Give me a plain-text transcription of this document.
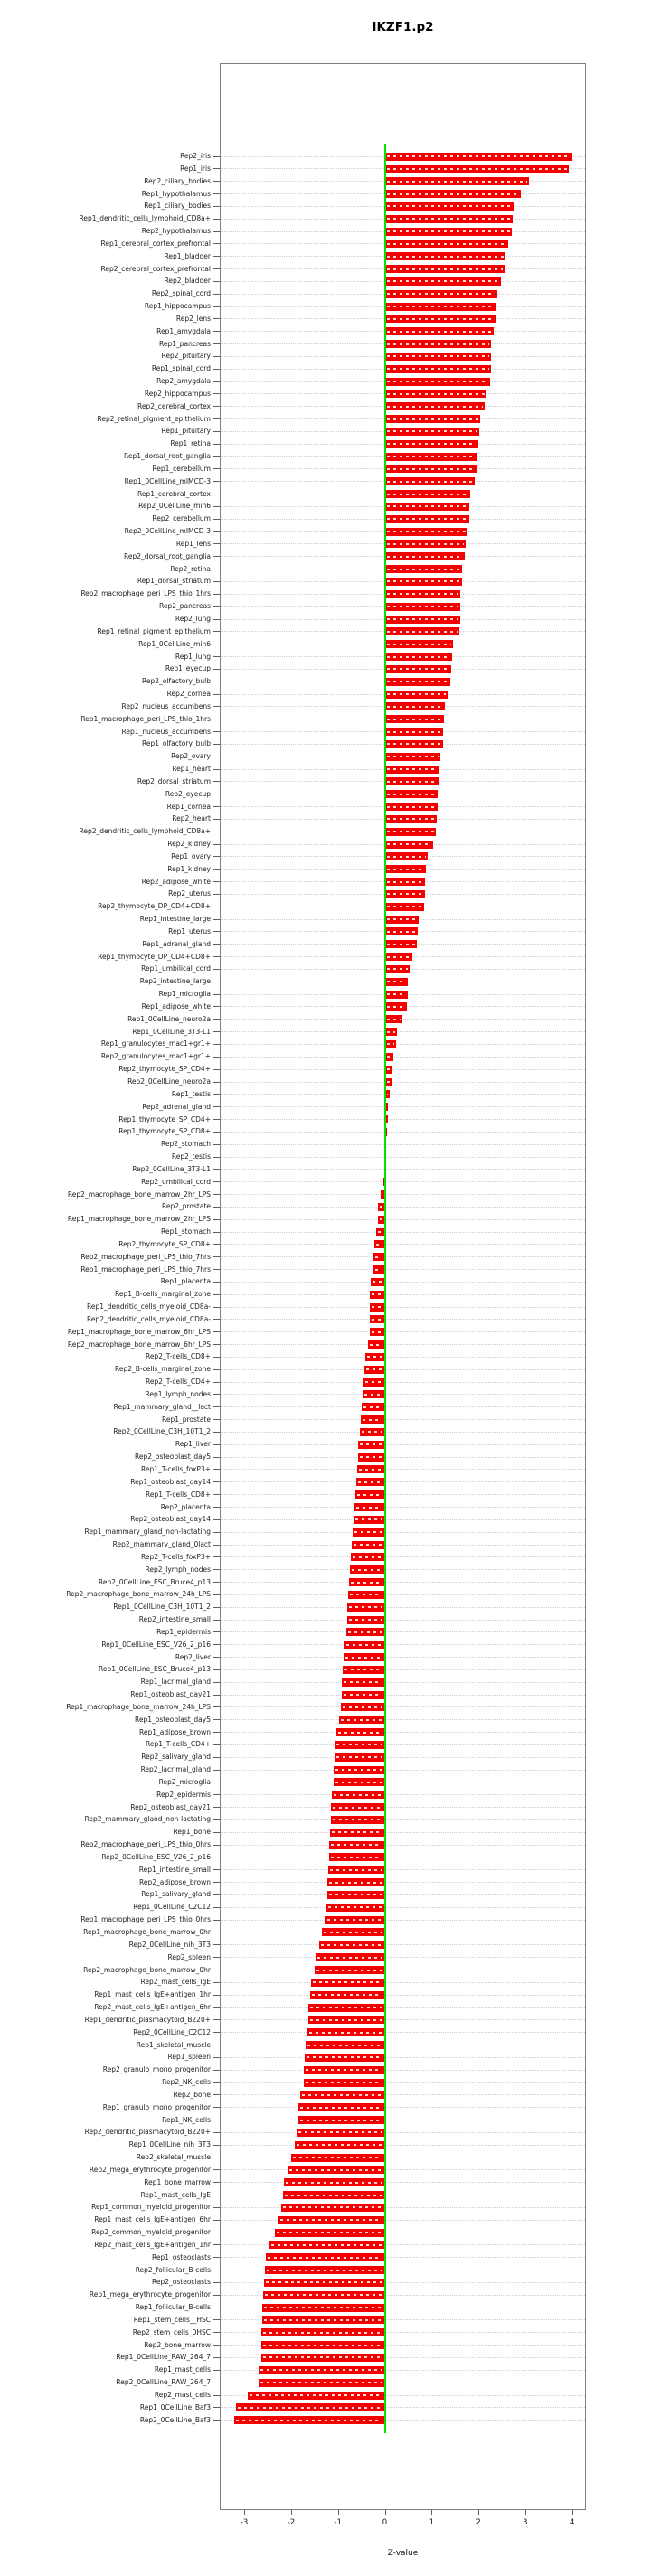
IKZF1.p2
Rep2_iris
Rep1_iris
Rep2_ciliary_bodies
Rep1_hypothalamus
Rep1_ciliary_bodies
Rep1_dendritic_cells_lymphoid_CD8a+
Rep2_hypothalamus
Rep1_cerebral_cortex_prefrontal
Rep1_bladder
Rep2_cerebral_cortex_prefrontal
Rep2_bladder
Rep2_spinal_cord
Rep1_hippocampus
Rep2_lens
Rep1_amygdala
Rep1_pancreas
Rep2_pituitary
Rep1_spinal_cord
Rep2_amygdala
Rep2_hippocampus
Rep2_cerebral_cortex
Rep2_retinal_pigment_epithelium
Rep1_pituitary
Rep1_retina
Rep1_dorsal_root_ganglia
Rep1_cerebellum
Rep1_0CellLine_mIMCD-3
Rep1_cerebral_cortex
Rep2_0CellLine_min6
Rep2_cerebellum
Rep2_0CellLine_mIMCD-3
Rep1_lens
Rep2_dorsal_root_ganglia
Rep2_retina
Rep1_dorsal_striatum
Rep2_macrophage_peri_LPS_thio_1hrs
Rep2_pancreas
Rep2_lung
Rep1_retinal_pigment_epithelium
Rep1_0CellLine_min6
Rep1_lung
Rep1_eyecup
Rep2_olfactory_bulb
Rep2_cornea
Rep2_nucleus_accumbens
Rep1_macrophage_peri_LPS_thio_1hrs
Rep1_nucleus_accumbens
Rep1_olfactory_bulb
Rep2_ovary
Rep1_heart
Rep2_dorsal_striatum
Rep2_eyecup
Rep1_cornea
Rep2_heart
Rep2_dendritic_cells_lymphoid_CD8a+
Rep2_kidney
Rep1_ovary
Rep1_kidney
Rep2_adipose_white
Rep2_uterus
Rep2_thymocyte_DP_CD4+CD8+
Rep1_intestine_large
Rep1_uterus
Rep1_adrenal_gland
Rep1_thymocyte_DP_CD4+CD8+
Rep1_umbilical_cord
Rep2_intestine_large
Rep1_microglia
Rep1_adipose_white
Rep1_0CellLine_neuro2a
Rep1_0CellLine_3T3-L1
Rep1_granulocytes_mac1+gr1+
Rep2_granulocytes_mac1+gr1+
Rep2_thymocyte_SP_CD4+
Rep2_0CellLine_neuro2a
Rep1_testis
Rep2_adrenal_gland
Rep1_thymocyte_SP_CD4+
Rep1_thymocyte_SP_CD8+
Rep2_stomach
Rep2_testis
Rep2_0CellLine_3T3-L1
Rep2_umbilical_cord
Rep2_macrophage_bone_marrow_2hr_LPS
Rep2_prostate
Rep1_macrophage_bone_marrow_2hr_LPS
Rep1_stomach
Rep2_thymocyte_SP_CD8+
Rep2_macrophage_peri_LPS_thio_7hrs
Rep1_macrophage_peri_LPS_thio_7hrs
Rep1_placenta
Rep1_B-cells_marginal_zone
Rep1_dendritic_cells_myeloid_CD8a-
Rep2_dendritic_cells_myeloid_CD8a-
Rep1_macrophage_bone_marrow_6hr_LPS
Rep2_macrophage_bone_marrow_6hr_LPS
Rep2_T-cells_CD8+
Rep2_B-cells_marginal_zone
Rep2_T-cells_CD4+
Rep1_lymph_nodes
Rep1_mammary_gland__lact
Rep1_prostate
Rep2_0CellLine_C3H_10T1_2
Rep1_liver
Rep2_osteoblast_day5
Rep1_T-cells_foxP3+
Rep1_osteoblast_day14
Rep1_T-cells_CD8+
Rep2_placenta
Rep2_osteoblast_day14
Rep1_mammary_gland_non-lactating
Rep2_mammary_gland_0lact
Rep2_T-cells_foxP3+
Rep2_lymph_nodes
Rep2_0CellLine_ESC_Bruce4_p13
Rep2_macrophage_bone_marrow_24h_LPS
Rep1_0CellLine_C3H_10T1_2
Rep2_intestine_small
Rep1_epidermis
Rep1_0CellLine_ESC_V26_2_p16
Rep2_liver
Rep1_0CellLine_ESC_Bruce4_p13
Rep1_lacrimal_gland
Rep1_osteoblast_day21
Rep1_macrophage_bone_marrow_24h_LPS
Rep1_osteoblast_day5
Rep1_adipose_brown
Rep1_T-cells_CD4+
Rep2_salivary_gland
Rep2_lacrimal_gland
Rep2_microglia
Rep2_epidermis
Rep2_osteoblast_day21
Rep2_mammary_gland_non-lactating
Rep1_bone
Rep2_macrophage_peri_LPS_thio_0hrs
Rep2_0CellLine_ESC_V26_2_p16
Rep1_intestine_small
Rep2_adipose_brown
Rep1_salivary_gland
Rep1_0CellLine_C2C12
Rep1_macrophage_peri_LPS_thio_0hrs
Rep1_macrophage_bone_marrow_0hr
Rep2_0CellLine_nih_3T3
Rep2_spleen
Rep2_macrophage_bone_marrow_0hr
Rep2_mast_cells_IgE
Rep1_mast_cells_IgE+antigen_1hr
Rep2_mast_cells_IgE+antigen_6hr
Rep1_dendritic_plasmacytoid_B220+
Rep2_0CellLine_C2C12
Rep1_skeletal_muscle
Rep1_spleen
Rep2_granulo_mono_progenitor
Rep2_NK_cells
Rep2_bone
Rep1_granulo_mono_progenitor
Rep1_NK_cells
Rep2_dendritic_plasmacytoid_B220+
Rep1_0CellLine_nih_3T3
Rep2_skeletal_muscle
Rep2_mega_erythrocyte_progenitor
Rep1_bone_marrow
Rep1_mast_cells_IgE
Rep1_common_myeloid_progenitor
Rep1_mast_cells_IgE+antigen_6hr
Rep2_common_myeloid_progenitor
Rep2_mast_cells_IgE+antigen_1hr
Rep1_osteoclasts
Rep2_follicular_B-cells
Rep2_osteoclasts
Rep1_mega_erythrocyte_progenitor
Rep1_follicular_B-cells
Rep1_stem_cells__HSC
Rep2_stem_cells_0HSC
Rep2_bone_marrow
Rep1_0CellLine_RAW_264_7
Rep1_mast_cells
Rep2_0CellLine_RAW_264_7
Rep2_mast_cells
Rep1_0CellLine_Baf3
Rep2_0CellLine_Baf3
-3	-2	-1	0	1	2	3	4
Z-value
